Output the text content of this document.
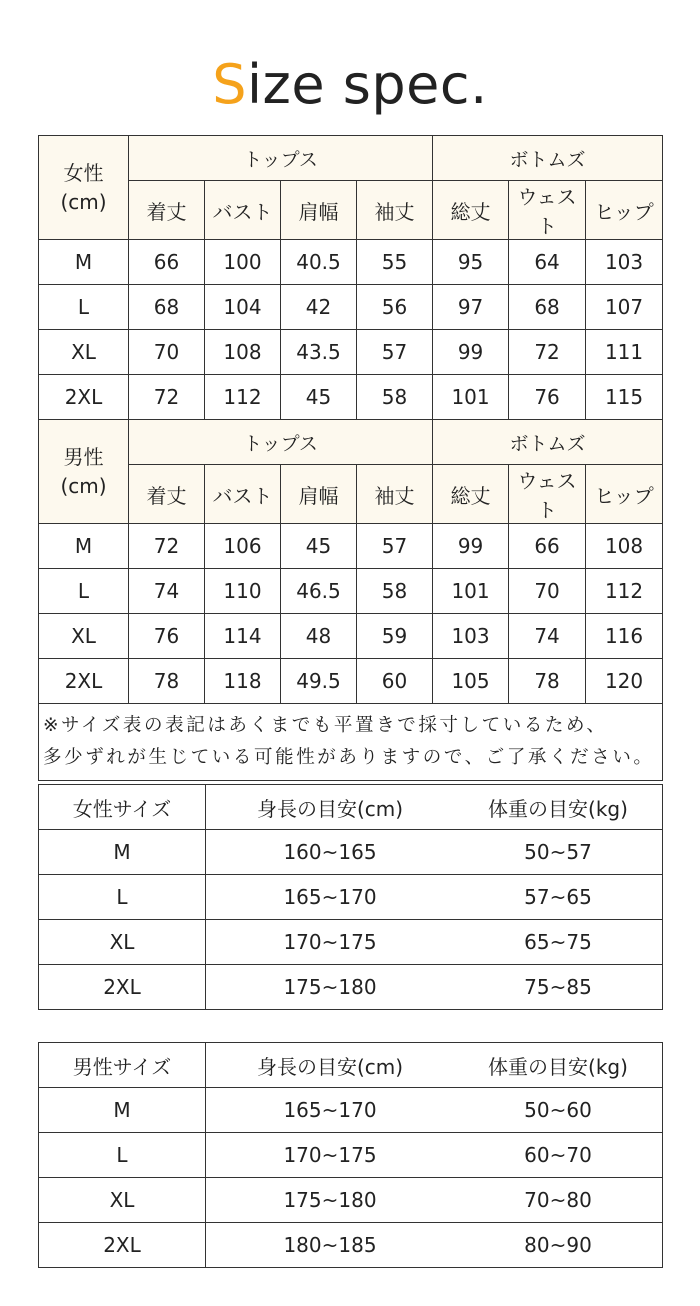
Size spec.
女性
(cm)	トップス				ボトムズ		
	着丈	バスト	肩幅	袖丈	総丈	ウェスト	ヒップ
M	66	100	40.5	55	95	64	103
L	68	104	42	56	97	68	107
XL	70	108	43.5	57	99	72	111
2XL	72	112	45	58	101	76	115

男性
(cm)	トップス				ボトムズ		
	着丈	バスト	肩幅	袖丈	総丈	ウェスト	ヒップ
M	72	106	45	57	99	66	108
L	74	110	46.5	58	101	70	112
XL	76	114	48	59	103	74	116
2XL	78	118	49.5	60	105	78	120

※サイズ表の表記はあくまでも平置きで採寸しているため、
多少ずれが生じている可能性がありますので、ご了承ください。							
女性サイズ	身長の目安(cm)	体重の目安(kg)
M	160~165	50~57
L	165~170	57~65
XL	170~175	65~75
2XL	175~180	75~85
男性サイズ	身長の目安(cm)	体重の目安(kg)
M	165~170	50~60
L	170~175	60~70
XL	175~180	70~80
2XL	180~185	80~90
